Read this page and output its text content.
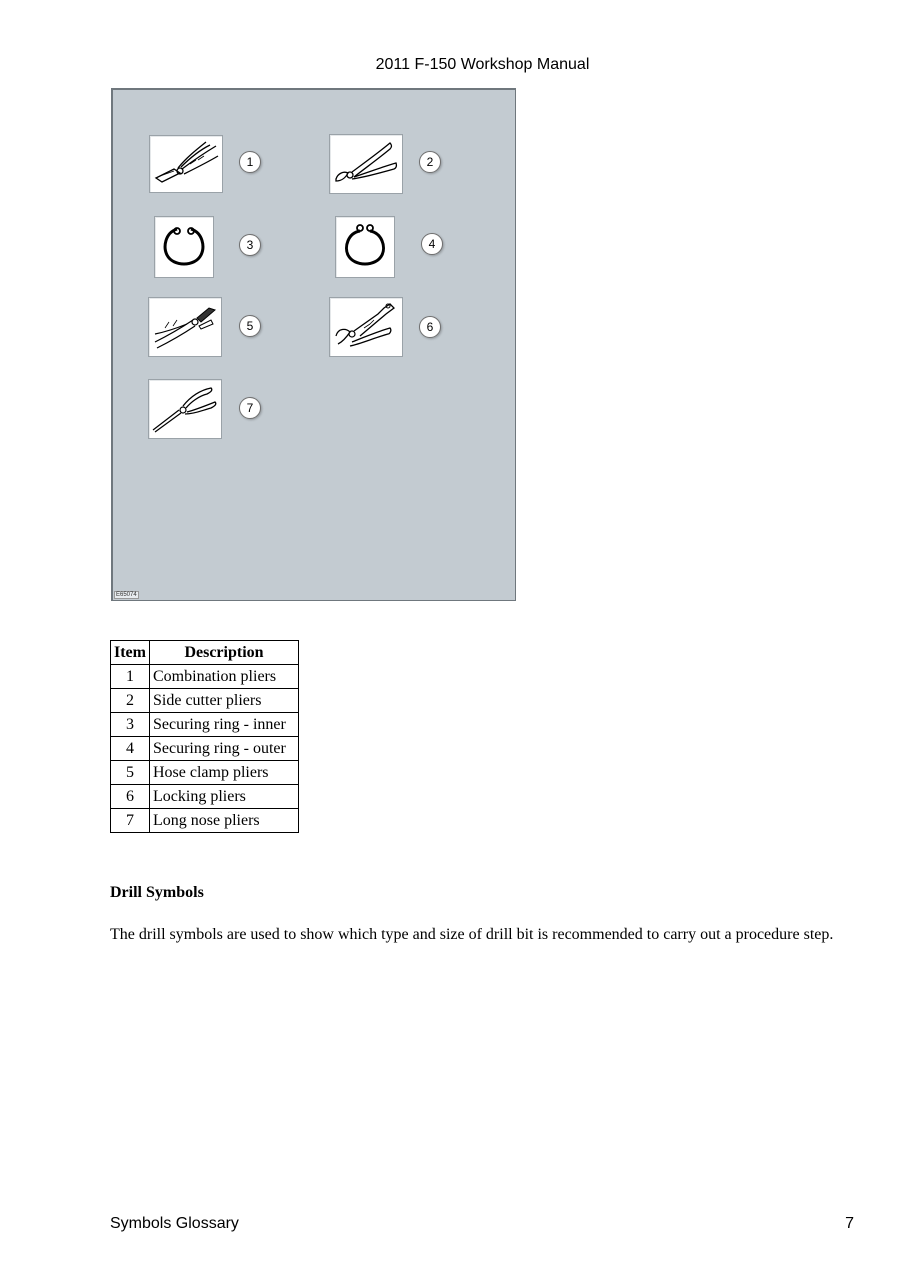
2011 F-150 Workshop Manual
1	2
3	4
5	6
7
E65074
Item	Description
1	Combination pliers
2	Side cutter pliers
3	Securing ring - inner
4	Securing ring - outer
5	Hose clamp pliers
6	Locking pliers
7	Long nose pliers
Drill Symbols
The drill symbols are used to show which type and size of drill bit is recommended to carry out a procedure step.
Symbols Glossary	7
